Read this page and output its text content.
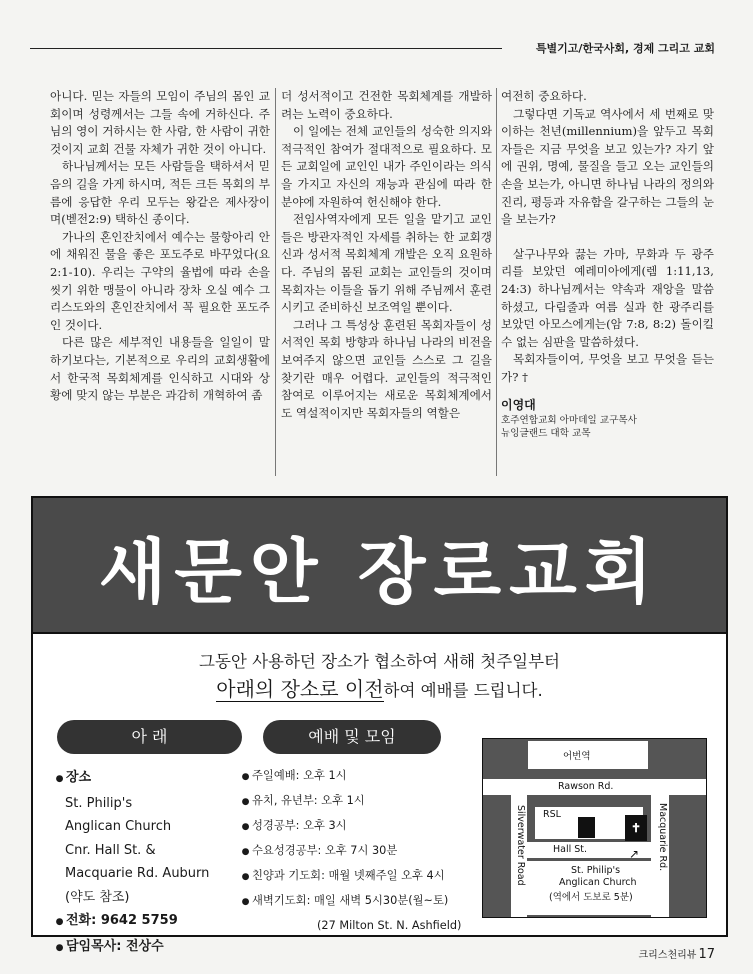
특별기고/한국사회, 경제 그리고 교회

아니다. 믿는 자들의 모임이 주님의 몸인 교회이며 성령께서는 그들 속에 거하신다. 주님의 영이 거하시는 한 사람, 한 사람이 귀한 것이지 교회 건물 자체가 귀한 것이 아니다.

하나님께서는 모든 사람들을 택하셔서 믿음의 길을 가게 하시며, 적든 크든 목회의 부름에 응답한 우리 모두는 왕같은 제사장이며(벧전2:9) 택하신 종이다.

가나의 혼인잔치에서 예수는 물항아리 안에 채워진 물을 좋은 포도주로 바꾸었다(요2:1-10). 우리는 구약의 율법에 따라 손을 씻기 위한 맹물이 아니라 장차 오실 예수 그리스도와의 혼인잔치에서 꼭 필요한 포도주인 것이다.

다른 많은 세부적인 내용들을 일일이 말하기보다는, 기본적으로 우리의 교회생활에서 한국적 목회체계를 인식하고 시대와 상황에 맞지 않는 부분은 과감히 개혁하여 좀

더 성서적이고 건전한 목회체계를 개발하려는 노력이 중요하다.

이 일에는 전체 교인들의 성숙한 의지와 적극적인 참여가 절대적으로 필요하다. 모든 교회일에 교인인 내가 주인이라는 의식을 가지고 자신의 재능과 관심에 따라 한 분야에 자원하여 헌신해야 한다.

전임사역자에게 모든 일을 맡기고 교인들은 방관자적인 자세를 취하는 한 교회갱신과 성서적 목회체계 개발은 오직 요원하다. 주님의 몸된 교회는 교인들의 것이며 목회자는 이들을 돕기 위해 주님께서 훈련시키고 준비하신 보조역일 뿐이다.

그러나 그 특성상 훈련된 목회자들이 성서적인 목회 방향과 하나님 나라의 비전을 보여주지 않으면 교인들 스스로 그 길을 찾기란 매우 어렵다. 교인들의 적극적인 참여로 이루어지는 새로운 목회체계에서도 역설적이지만 목회자들의 역할은

여전히 중요하다.

그렇다면 기독교 역사에서 세 번째로 맞이하는 천년(millennium)을 앞두고 목회자들은 지금 무엇을 보고 있는가? 자기 앞에 권위, 명예, 물질을 들고 오는 교인들의 손을 보는가, 아니면 하나님 나라의 정의와 진리, 평등과 자유함을 갈구하는 그들의 눈을 보는가?

살구나무와 끓는 가마, 무화과 두 광주리를 보았던 예레미아에게(렘 1:11,13, 24:3) 하나님께서는 약속과 재앙을 말씀하셨고, 다림줄과 여름 실과 한 광주리를 보았던 아모스에게는(암 7:8, 8:2) 돌이킬 수 없는 심판을 말씀하셨다.

목회자들이여, 무엇을 보고 무엇을 듣는가? †

이영대
호주연합교회 아마데일 교구목사
뉴잉글랜드 대학 교목
새문안 장로교회
그동안 사용하던 장소가 협소하여 새해 첫주일부터
아래의 장소로 이전하여 예배를 드립니다.
아 래	예배 및 모임
● 장소
St. Philip's
Anglican Church
Cnr. Hall St. &
Macquarie Rd. Auburn
(약도 참조)
● 전화: 9642 5759
● 담임목사: 전상수
● 주일예배: 오후 1시
● 유치, 유년부: 오후 1시
● 성경공부: 오후 3시
● 수요성경공부: 오후 7시 30분
● 친양과 기도회: 매월 넷째주일 오후 4시
● 새벽기도회: 매일 새벽 5시30분(월~토)
(27 Milton St. N. Ashfield)
어번역
Rawson Rd.
Silverwater Road	Macquarie Rd.
Hall St.
RSL
✝
St. Philip's
Anglican Church
(역에서 도보로 5분)
↗
크리스천리뷰 17
